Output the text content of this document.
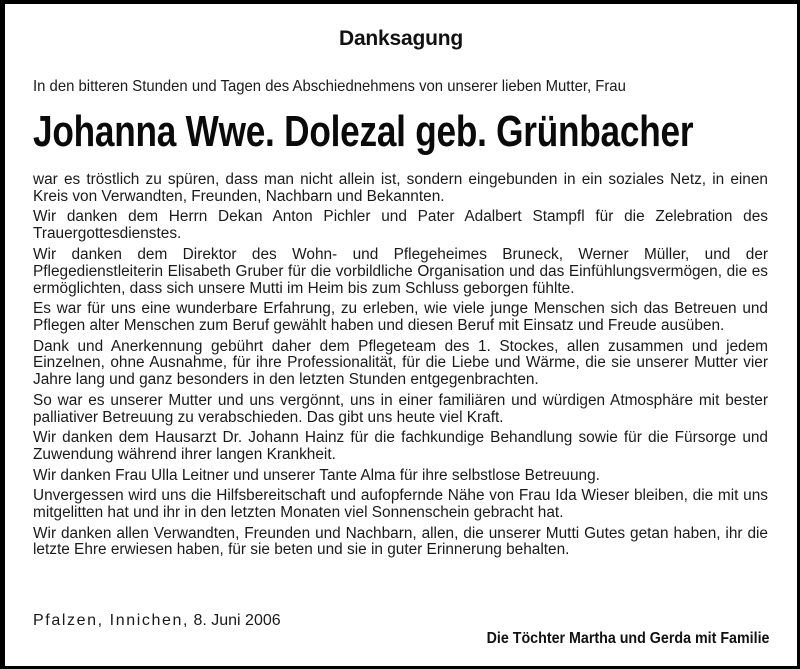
Danksagung
In den bitteren Stunden und Tagen des Abschiednehmens von unserer lieben Mutter, Frau
Johanna Wwe. Dolezal geb. Grünbacher

war es tröstlich zu spüren, dass man nicht allein ist, sondern eingebunden in ein soziales Netz, in einen Kreis von Verwandten, Freunden, Nachbarn und Bekannten.

Wir danken dem Herrn Dekan Anton Pichler und Pater Adalbert Stampfl für die Zelebration des Trauergottesdienstes.

Wir danken dem Direktor des Wohn- und Pflegeheimes Bruneck, Werner Müller, und der Pflegedienstleiterin Elisabeth Gruber für die vorbildliche Organisation und das Einfühlungsvermögen, die es ermöglichten, dass sich unsere Mutti im Heim bis zum Schluss geborgen fühlte.

Es war für uns eine wunderbare Erfahrung, zu erleben, wie viele junge Menschen sich das Betreuen und Pflegen alter Menschen zum Beruf gewählt haben und diesen Beruf mit Einsatz und Freude ausüben.

Dank und Anerkennung gebührt daher dem Pflegeteam des 1. Stockes, allen zusammen und jedem Einzelnen, ohne Ausnahme, für ihre Professionalität, für die Liebe und Wärme, die sie unserer Mutter vier Jahre lang und ganz besonders in den letzten Stunden entgegenbrachten.

So war es unserer Mutter und uns vergönnt, uns in einer familiären und würdigen Atmosphäre mit bester palliativer Betreuung zu verabschieden. Das gibt uns heute viel Kraft.

Wir danken dem Hausarzt Dr. Johann Hainz für die fachkundige Behandlung sowie für die Fürsorge und Zuwendung während ihrer langen Krankheit.

Wir danken Frau Ulla Leitner und unserer Tante Alma für ihre selbstlose Betreuung.

Unvergessen wird uns die Hilfsbereitschaft und aufopfernde Nähe von Frau Ida Wieser bleiben, die mit uns mitgelitten hat und ihr in den letzten Monaten viel Sonnenschein gebracht hat.

Wir danken allen Verwandten, Freunden und Nachbarn, allen, die unserer Mutti Gutes getan haben, ihr die letzte Ehre erwiesen haben, für sie beten und sie in guter Erinnerung behalten.

Pfalzen, Innichen, 8. Juni 2006
Die Töchter Martha und Gerda mit Familie
